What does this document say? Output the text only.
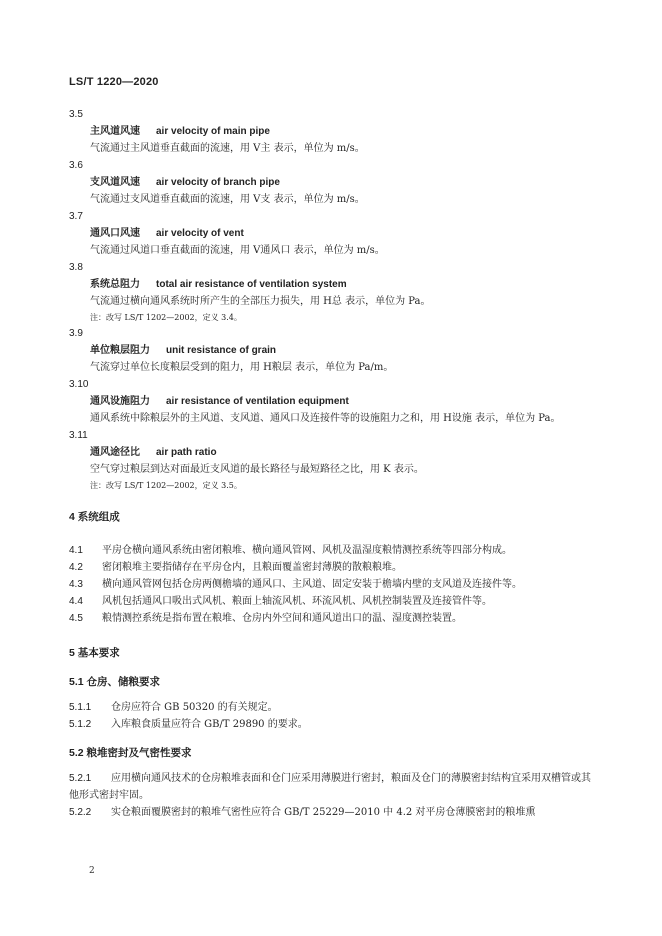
LS/T 1220—2020
3.5
主风道风速 air velocity of main pipe
气流通过主风道垂直截面的流速，用 V主 表示，单位为 m/s。
3.6
支风道风速 air velocity of branch pipe
气流通过支风道垂直截面的流速，用 V支 表示，单位为 m/s。
3.7
通风口风速 air velocity of vent
气流通过风道口垂直截面的流速，用 V通风口 表示，单位为 m/s。
3.8
系统总阻力 total air resistance of ventilation system
气流通过横向通风系统时所产生的全部压力损失，用 H总 表示，单位为 Pa。
注：改写 LS/T 1202—2002，定义 3.4。
3.9
单位粮层阻力 unit resistance of grain
气流穿过单位长度粮层受到的阻力，用 H粮层 表示，单位为 Pa/m。
3.10
通风设施阻力 air resistance of ventilation equipment
通风系统中除粮层外的主风道、支风道、通风口及连接件等的设施阻力之和，用 H设施 表示，单位为 Pa。
3.11
通风途径比 air path ratio
空气穿过粮层到达对面最近支风道的最长路径与最短路径之比，用 K 表示。
注：改写 LS/T 1202—2002，定义 3.5。
4 系统组成
4.1 平房仓横向通风系统由密闭粮堆、横向通风管网、风机及温湿度粮情测控系统等四部分构成。
4.2 密闭粮堆主要指储存在平房仓内，且粮面覆盖密封薄膜的散粮粮堆。
4.3 横向通风管网包括仓房两侧檐墙的通风口、主风道、固定安装于檐墙内壁的支风道及连接件等。
4.4 风机包括通风口吸出式风机、粮面上轴流风机、环流风机、风机控制装置及连接管件等。
4.5 粮情测控系统是指布置在粮堆、仓房内外空间和通风道出口的温、湿度测控装置。
5 基本要求
5.1 仓房、储粮要求
5.1.1 仓房应符合 GB 50320 的有关规定。
5.1.2 入库粮食质量应符合 GB/T 29890 的要求。
5.2 粮堆密封及气密性要求
5.2.1 应用横向通风技术的仓房粮堆表面和仓门应采用薄膜进行密封，粮面及仓门的薄膜密封结构宜采用双槽管或其他形式密封牢固。
5.2.2 实仓粮面覆膜密封的粮堆气密性应符合 GB/T 25229—2010 中 4.2 对平房仓薄膜密封的粮堆熏
2
